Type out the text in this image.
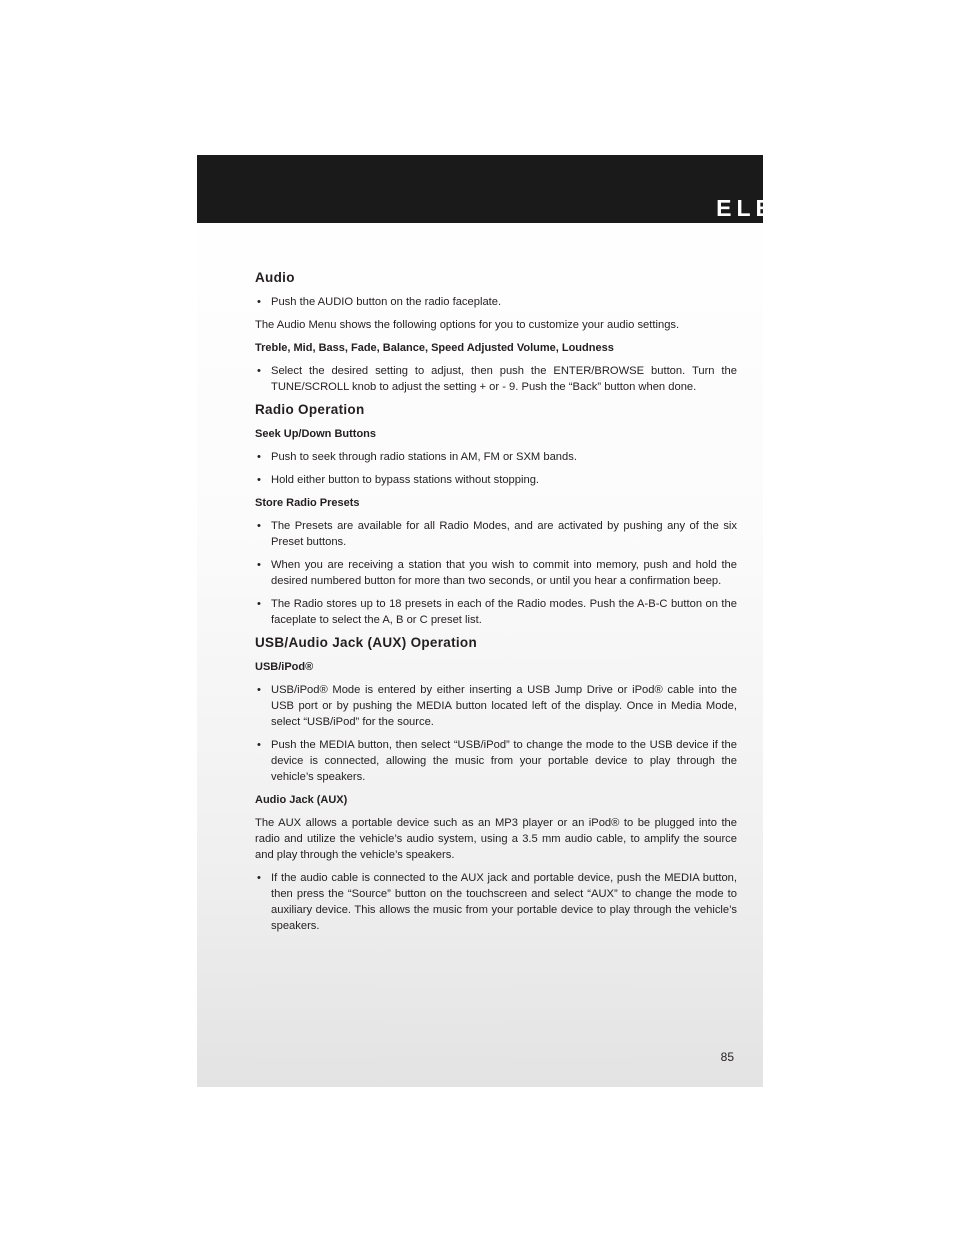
ELECTRONICS
Audio
• Push the AUDIO button on the radio faceplate.
The Audio Menu shows the following options for you to customize your audio settings.
Treble, Mid, Bass, Fade, Balance, Speed Adjusted Volume, Loudness
• Select the desired setting to adjust, then push the ENTER/BROWSE button. Turn the TUNE/SCROLL knob to adjust the setting + or - 9. Push the “Back” button when done.
Radio Operation
Seek Up/Down Buttons
• Push to seek through radio stations in AM, FM or SXM bands.
• Hold either button to bypass stations without stopping.
Store Radio Presets
• The Presets are available for all Radio Modes, and are activated by pushing any of the six Preset buttons.
• When you are receiving a station that you wish to commit into memory, push and hold the desired numbered button for more than two seconds, or until you hear a confirmation beep.
• The Radio stores up to 18 presets in each of the Radio modes. Push the A-B-C button on the faceplate to select the A, B or C preset list.
USB/Audio Jack (AUX) Operation
USB/iPod®
• USB/iPod® Mode is entered by either inserting a USB Jump Drive or iPod® cable into the USB port or by pushing the MEDIA button located left of the display. Once in Media Mode, select “USB/iPod” for the source.
• Push the MEDIA button, then select “USB/iPod” to change the mode to the USB device if the device is connected, allowing the music from your portable device to play through the vehicle’s speakers.
Audio Jack (AUX)
The AUX allows a portable device such as an MP3 player or an iPod® to be plugged into the radio and utilize the vehicle’s audio system, using a 3.5 mm audio cable, to amplify the source and play through the vehicle’s speakers.
• If the audio cable is connected to the AUX jack and portable device, push the MEDIA button, then press the “Source” button on the touchscreen and select “AUX” to change the mode to auxiliary device. This allows the music from your portable device to play through the vehicle’s speakers.
85
